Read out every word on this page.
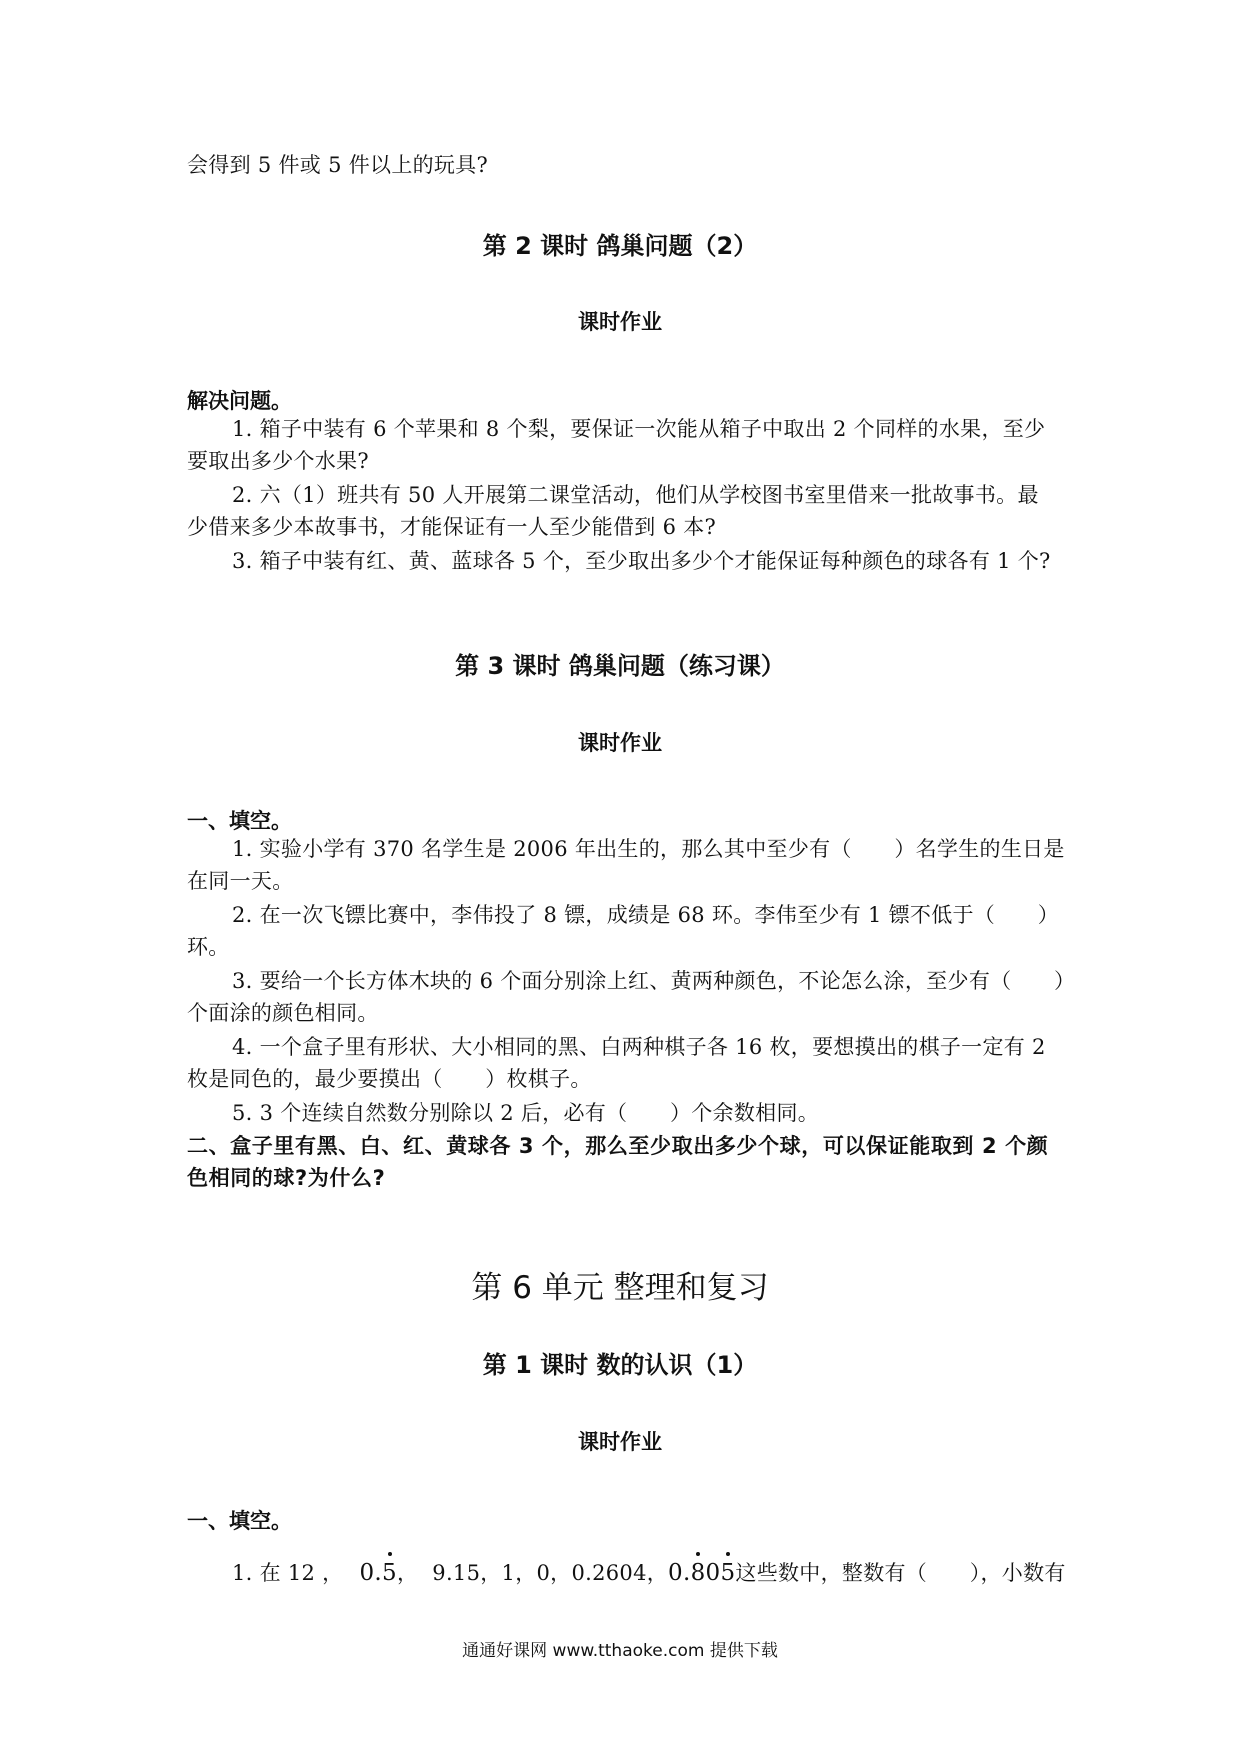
会得到 5 件或 5 件以上的玩具?
第 2 课时 鸽巢问题（2）
课时作业
解决问题。
1. 箱子中装有 6 个苹果和 8 个梨，要保证一次能从箱子中取出 2 个同样的水果，至少
要取出多少个水果?
2. 六（1）班共有 50 人开展第二课堂活动，他们从学校图书室里借来一批故事书。最
少借来多少本故事书，才能保证有一人至少能借到 6 本?
3. 箱子中装有红、黄、蓝球各 5 个，至少取出多少个才能保证每种颜色的球各有 1 个?
第 3 课时 鸽巢问题（练习课）
课时作业
一、填空。
1. 实验小学有 370 名学生是 2006 年出生的，那么其中至少有（　　）名学生的生日是
在同一天。
2. 在一次飞镖比赛中，李伟投了 8 镖，成绩是 68 环。李伟至少有 1 镖不低于（　　）
环。
3. 要给一个长方体木块的 6 个面分别涂上红、黄两种颜色，不论怎么涂，至少有（　　）
个面涂的颜色相同。
4. 一个盒子里有形状、大小相同的黑、白两种棋子各 16 枚，要想摸出的棋子一定有 2
枚是同色的，最少要摸出（　　）枚棋子。
5. 3 个连续自然数分别除以 2 后，必有（　　）个余数相同。
二、盒子里有黑、白、红、黄球各 3 个，那么至少取出多少个球，可以保证能取到 2 个颜
色相同的球?为什么?
第 6 单元 整理和复习
第 1 课时 数的认识（1）
课时作业
一、填空。
1. 在 12 ， 0.
5， 9.15，1，0，0.2604，0.
80
5这些数中，整数有（　　），小数有
通通好课网 www.tthaoke.com 提供下载
